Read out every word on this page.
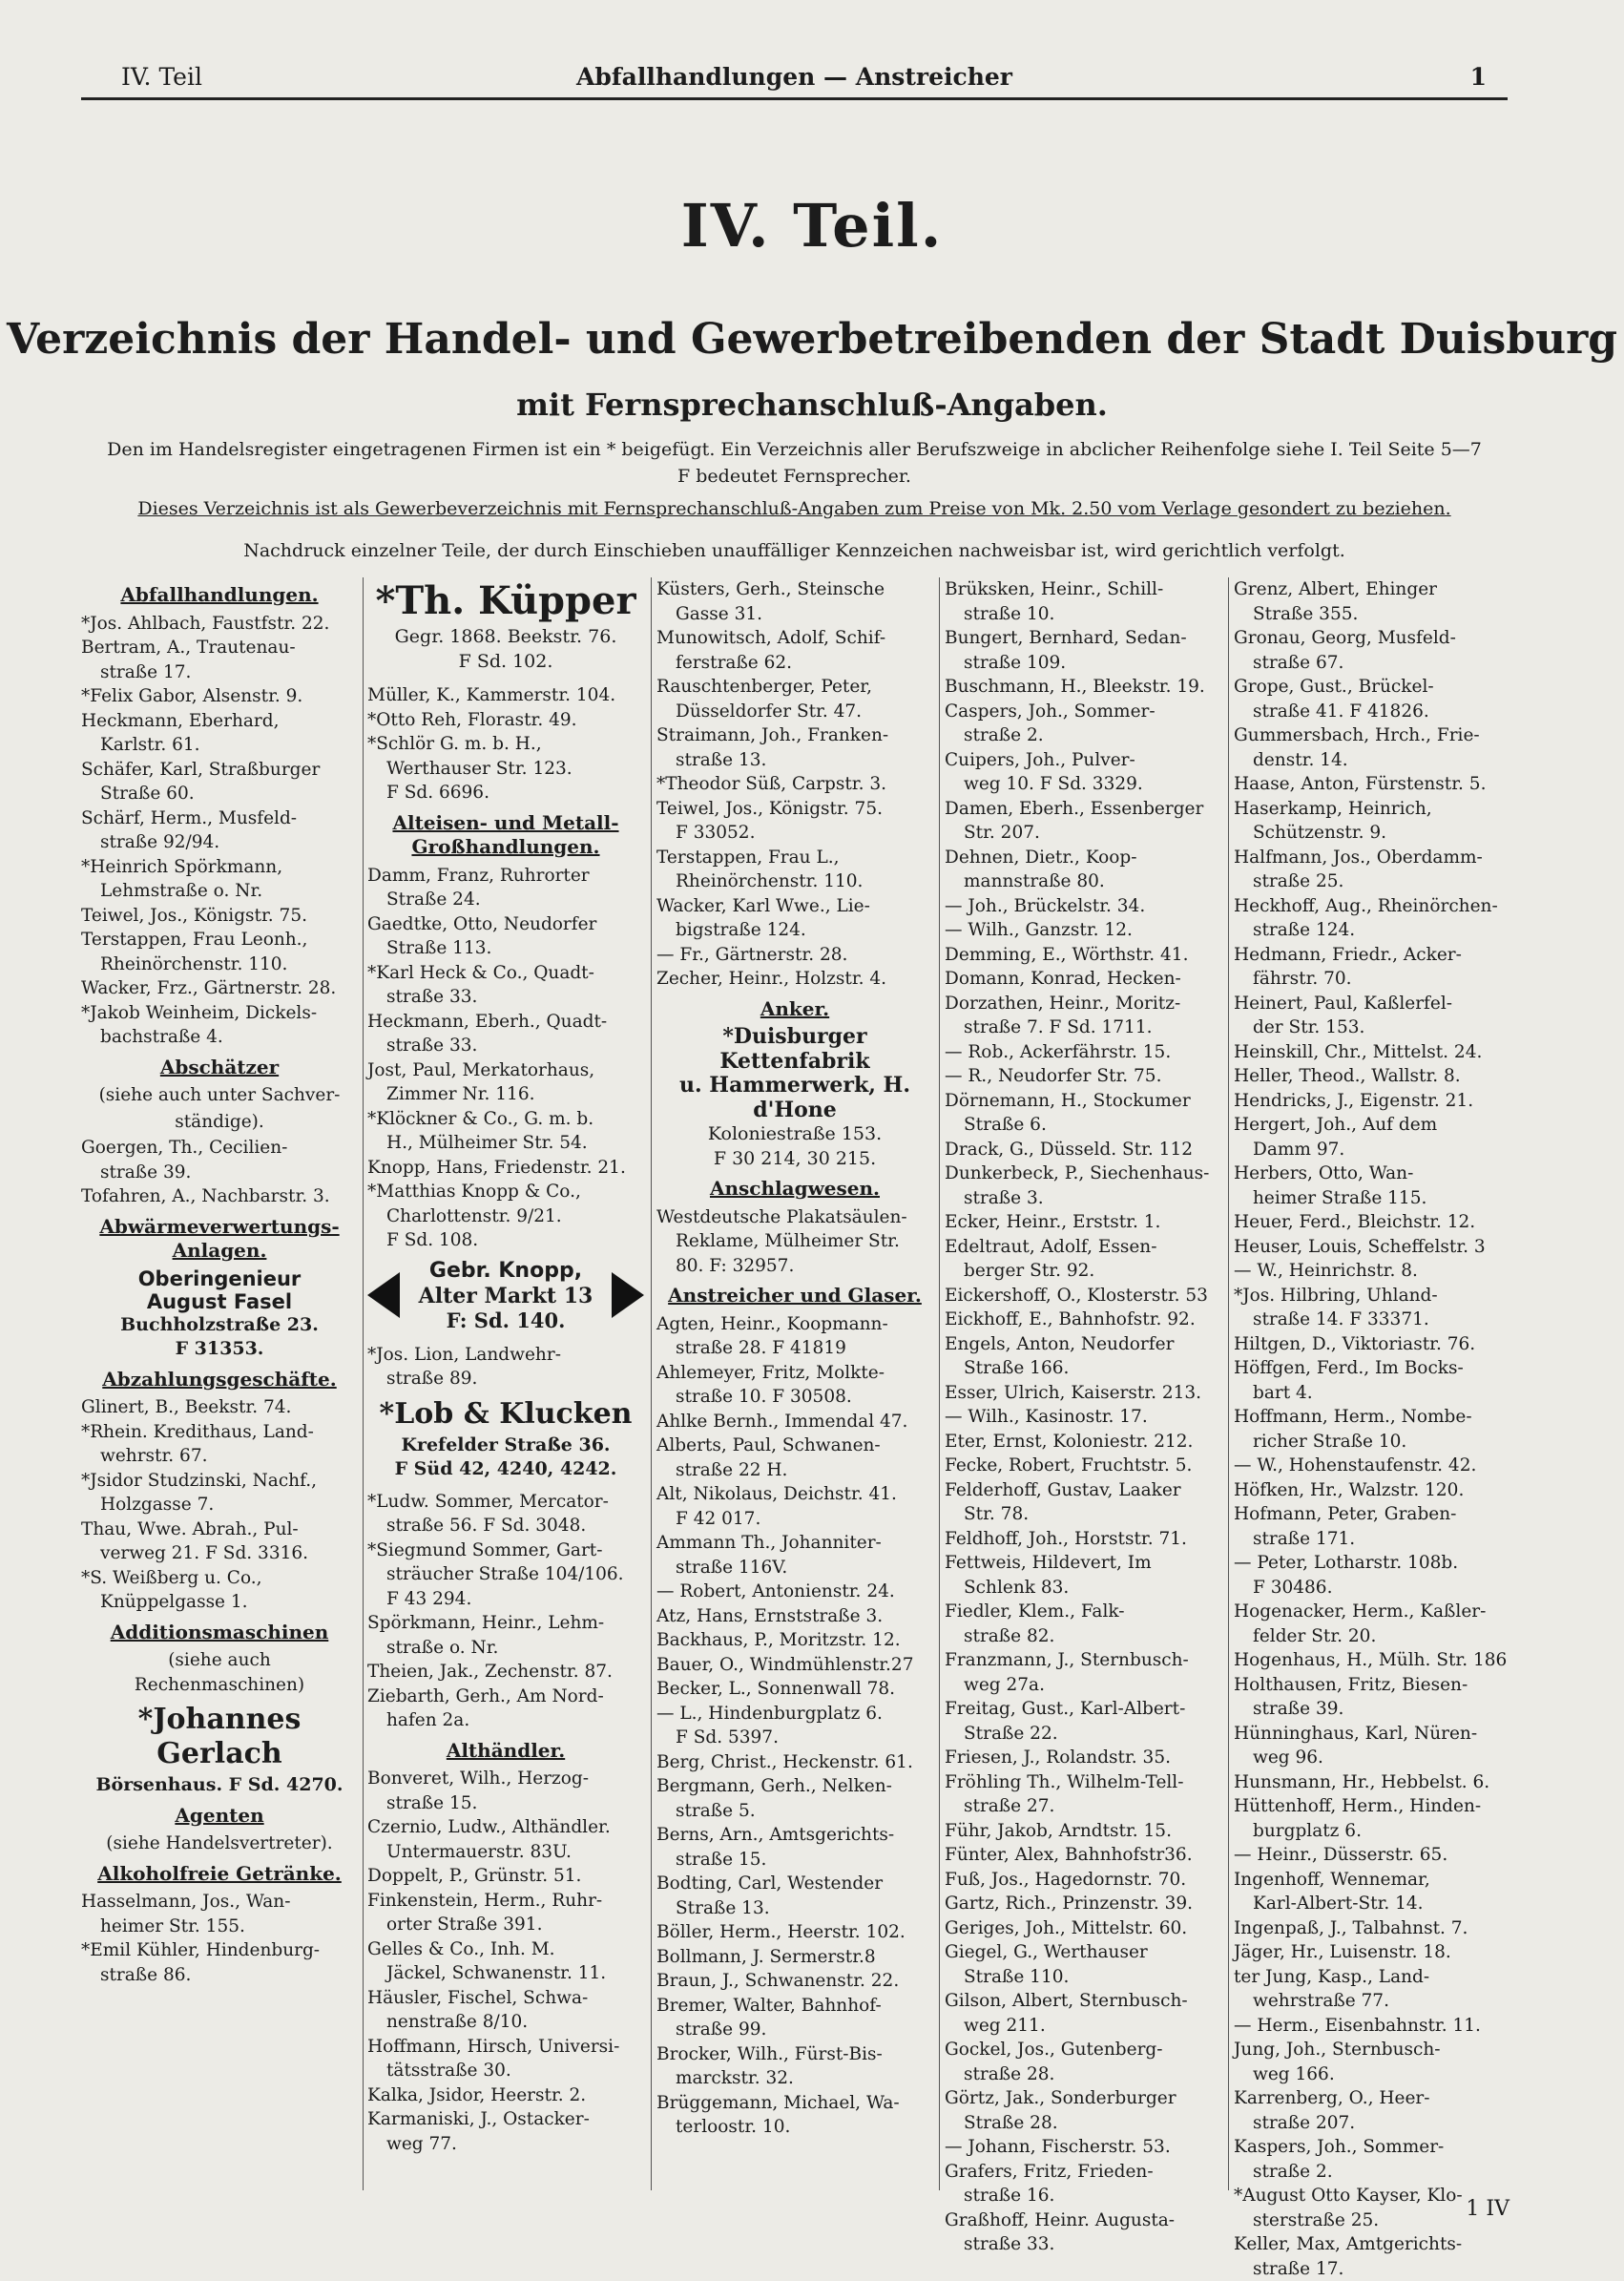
IV. Teil	Abfallhandlungen — Anstreicher	1
IV. Teil.
Verzeichnis der Handel- und Gewerbetreibenden der Stadt Duisburg
mit Fernsprechanschluß-Angaben.
Den im Handelsregister eingetragenen Firmen ist ein * beigefügt. Ein Verzeichnis aller Berufszweige in abclicher Reihenfolge siehe I. Teil Seite 5—7
F bedeutet Fernsprecher.
Dieses Verzeichnis ist als Gewerbeverzeichnis mit Fernsprechanschluß-Angaben zum Preise von Mk. 2.50 vom Verlage gesondert zu beziehen.
Nachdruck einzelner Teile, der durch Einschieben unauffälliger Kennzeichen nachweisbar ist, wird gerichtlich verfolgt.
Abfallhandlungen.
*Jos. Ahlbach, Faustfstr. 22.
Bertram, A., Trautenau-
straße 17.
*Felix Gabor, Alsenstr. 9.
Heckmann, Eberhard,
Karlstr. 61.
Schäfer, Karl, Straßburger
Straße 60.
Schärf, Herm., Musfeld-
straße 92/94.
*Heinrich Spörkmann,
Lehmstraße o. Nr.
Teiwel, Jos., Königstr. 75.
Terstappen, Frau Leonh.,
Rheinörchenstr. 110.
Wacker, Frz., Gärtnerstr. 28.
*Jakob Weinheim, Dickels-
bachstraße 4.
Abschätzer
(siehe auch unter Sachver-
ständige).
Goergen, Th., Cecilien-
straße 39.
Tofahren, A., Nachbarstr. 3.
Abwärmeverwertungs-Anlagen.
Oberingenieur
August Fasel
Buchholzstraße 23.
F 31353.
Abzahlungsgeschäfte.
Glinert, B., Beekstr. 74.
*Rhein. Kredithaus, Land-
wehrstr. 67.
*Jsidor Studzinski, Nachf.,
Holzgasse 7.
Thau, Wwe. Abrah., Pul-
verweg 21. F Sd. 3316.
*S. Weißberg u. Co.,
Knüppelgasse 1.
Additionsmaschinen
(siehe auch Rechenmaschinen)
*Johannes Gerlach
Börsenhaus. F Sd. 4270.
Agenten
(siehe Handelsvertreter).
Alkoholfreie Getränke.
Hasselmann, Jos., Wan-
heimer Str. 155.
*Emil Kühler, Hindenburg-
straße 86.
*Th. Küpper
Gegr. 1868. Beekstr. 76.
F Sd. 102.
Müller, K., Kammerstr. 104.
*Otto Reh, Florastr. 49.
*Schlör G. m. b. H.,
Werthauser Str. 123.
F Sd. 6696.
Alteisen- und Metall-Großhandlungen.
Damm, Franz, Ruhrorter
Straße 24.
Gaedtke, Otto, Neudorfer
Straße 113.
*Karl Heck & Co., Quadt-
straße 33.
Heckmann, Eberh., Quadt-
straße 33.
Jost, Paul, Merkatorhaus,
Zimmer Nr. 116.
*Klöckner & Co., G. m. b.
H., Mülheimer Str. 54.
Knopp, Hans, Friedenstr. 21.
*Matthias Knopp & Co.,
Charlottenstr. 9/21.
F Sd. 108.
Gebr. Knopp,
Alter Markt 13
F: Sd. 140.
*Jos. Lion, Landwehr-
straße 89.
*Lob & Klucken
Krefelder Straße 36.
F Süd 42, 4240, 4242.
*Ludw. Sommer, Mercator-
straße 56. F Sd. 3048.
*Siegmund Sommer, Gart-
sträucher Straße 104/106.
F 43 294.
Spörkmann, Heinr., Lehm-
straße o. Nr.
Theien, Jak., Zechenstr. 87.
Ziebarth, Gerh., Am Nord-
hafen 2a.
Althändler.
Bonveret, Wilh., Herzog-
straße 15.
Czernio, Ludw., Althändler.
Untermauerstr. 83U.
Doppelt, P., Grünstr. 51.
Finkenstein, Herm., Ruhr-
orter Straße 391.
Gelles & Co., Inh. M.
Jäckel, Schwanenstr. 11.
Häusler, Fischel, Schwa-
nenstraße 8/10.
Hoffmann, Hirsch, Universi-
tätsstraße 30.
Kalka, Jsidor, Heerstr. 2.
Karmaniski, J., Ostacker-
weg 77.
Küsters, Gerh., Steinsche
Gasse 31.
Munowitsch, Adolf, Schif-
ferstraße 62.
Rauschtenberger, Peter,
Düsseldorfer Str. 47.
Straimann, Joh., Franken-
straße 13.
*Theodor Süß, Carpstr. 3.
Teiwel, Jos., Königstr. 75.
F 33052.
Terstappen, Frau L.,
Rheinörchenstr. 110.
Wacker, Karl Wwe., Lie-
bigstraße 124.
— Fr., Gärtnerstr. 28.
Zecher, Heinr., Holzstr. 4.
Anker.
*Duisburger Kettenfabrik
u. Hammerwerk, H. d'Hone
Koloniestraße 153.
F 30 214, 30 215.
Anschlagwesen.
Westdeutsche Plakatsäulen-
Reklame, Mülheimer Str.
80. F: 32957.
Anstreicher und Glaser.
Agten, Heinr., Koopmann-
straße 28. F 41819
Ahlemeyer, Fritz, Molkte-
straße 10. F 30508.
Ahlke Bernh., Immendal 47.
Alberts, Paul, Schwanen-
straße 22 H.
Alt, Nikolaus, Deichstr. 41.
F 42 017.
Ammann Th., Johanniter-
straße 116V.
— Robert, Antonienstr. 24.
Atz, Hans, Ernststraße 3.
Backhaus, P., Moritzstr. 12.
Bauer, O., Windmühlenstr.27
Becker, L., Sonnenwall 78.
— L., Hindenburgplatz 6.
F Sd. 5397.
Berg, Christ., Heckenstr. 61.
Bergmann, Gerh., Nelken-
straße 5.
Berns, Arn., Amtsgerichts-
straße 15.
Bodting, Carl, Westender
Straße 13.
Böller, Herm., Heerstr. 102.
Bollmann, J. Sermerstr.8
Braun, J., Schwanenstr. 22.
Bremer, Walter, Bahnhof-
straße 99.
Brocker, Wilh., Fürst-Bis-
marckstr. 32.
Brüggemann, Michael, Wa-
terloostr. 10.
Brüksken, Heinr., Schill-
straße 10.
Bungert, Bernhard, Sedan-
straße 109.
Buschmann, H., Bleekstr. 19.
Caspers, Joh., Sommer-
straße 2.
Cuipers, Joh., Pulver-
weg 10. F Sd. 3329.
Damen, Eberh., Essenberger
Str. 207.
Dehnen, Dietr., Koop-
mannstraße 80.
— Joh., Brückelstr. 34.
— Wilh., Ganzstr. 12.
Demming, E., Wörthstr. 41.
Domann, Konrad, Hecken-
Dorzathen, Heinr., Moritz-
straße 7. F Sd. 1711.
— Rob., Ackerfährstr. 15.
— R., Neudorfer Str. 75.
Dörnemann, H., Stockumer
Straße 6.
Drack, G., Düsseld. Str. 112
Dunkerbeck, P., Siechenhaus-
straße 3.
Ecker, Heinr., Erststr. 1.
Edeltraut, Adolf, Essen-
berger Str. 92.
Eickershoff, O., Klosterstr. 53
Eickhoff, E., Bahnhofstr. 92.
Engels, Anton, Neudorfer
Straße 166.
Esser, Ulrich, Kaiserstr. 213.
— Wilh., Kasinostr. 17.
Eter, Ernst, Koloniestr. 212.
Fecke, Robert, Fruchtstr. 5.
Felderhoff, Gustav, Laaker
Str. 78.
Feldhoff, Joh., Horststr. 71.
Fettweis, Hildevert, Im
Schlenk 83.
Fiedler, Klem., Falk-
straße 82.
Franzmann, J., Sternbusch-
weg 27a.
Freitag, Gust., Karl-Albert-
Straße 22.
Friesen, J., Rolandstr. 35.
Fröhling Th., Wilhelm-Tell-
straße 27.
Führ, Jakob, Arndtstr. 15.
Fünter, Alex, Bahnhofstr36.
Fuß, Jos., Hagedornstr. 70.
Gartz, Rich., Prinzenstr. 39.
Geriges, Joh., Mittelstr. 60.
Giegel, G., Werthauser
Straße 110.
Gilson, Albert, Sternbusch-
weg 211.
Gockel, Jos., Gutenberg-
straße 28.
Görtz, Jak., Sonderburger
Straße 28.
— Johann, Fischerstr. 53.
Grafers, Fritz, Frieden-
straße 16.
Graßhoff, Heinr. Augusta-
straße 33.
Grenz, Albert, Ehinger
Straße 355.
Gronau, Georg, Musfeld-
straße 67.
Grope, Gust., Brückel-
straße 41. F 41826.
Gummersbach, Hrch., Frie-
denstr. 14.
Haase, Anton, Fürstenstr. 5.
Haserkamp, Heinrich,
Schützenstr. 9.
Halfmann, Jos., Oberdamm-
straße 25.
Heckhoff, Aug., Rheinörchen-
straße 124.
Hedmann, Friedr., Acker-
fährstr. 70.
Heinert, Paul, Kaßlerfel-
der Str. 153.
Heinskill, Chr., Mittelst. 24.
Heller, Theod., Wallstr. 8.
Hendricks, J., Eigenstr. 21.
Hergert, Joh., Auf dem
Damm 97.
Herbers, Otto, Wan-
heimer Straße 115.
Heuer, Ferd., Bleichstr. 12.
Heuser, Louis, Scheffelstr. 3
— W., Heinrichstr. 8.
*Jos. Hilbring, Uhland-
straße 14. F 33371.
Hiltgen, D., Viktoriastr. 76.
Höffgen, Ferd., Im Bocks-
bart 4.
Hoffmann, Herm., Nombe-
richer Straße 10.
— W., Hohenstaufenstr. 42.
Höfken, Hr., Walzstr. 120.
Hofmann, Peter, Graben-
straße 171.
— Peter, Lotharstr. 108b.
F 30486.
Hogenacker, Herm., Kaßler-
felder Str. 20.
Hogenhaus, H., Mülh. Str. 186
Holthausen, Fritz, Biesen-
straße 39.
Hünninghaus, Karl, Nüren-
weg 96.
Hunsmann, Hr., Hebbelst. 6.
Hüttenhoff, Herm., Hinden-
burgplatz 6.
— Heinr., Düsserstr. 65.
Ingenhoff, Wennemar,
Karl-Albert-Str. 14.
Ingenpaß, J., Talbahnst. 7.
Jäger, Hr., Luisenstr. 18.
ter Jung, Kasp., Land-
wehrstraße 77.
— Herm., Eisenbahnstr. 11.
Jung, Joh., Sternbusch-
weg 166.
Karrenberg, O., Heer-
straße 207.
Kaspers, Joh., Sommer-
straße 2.
*August Otto Kayser, Klo-
sterstraße 25.
Keller, Max, Amtgerichts-
straße 17.
1 IV
